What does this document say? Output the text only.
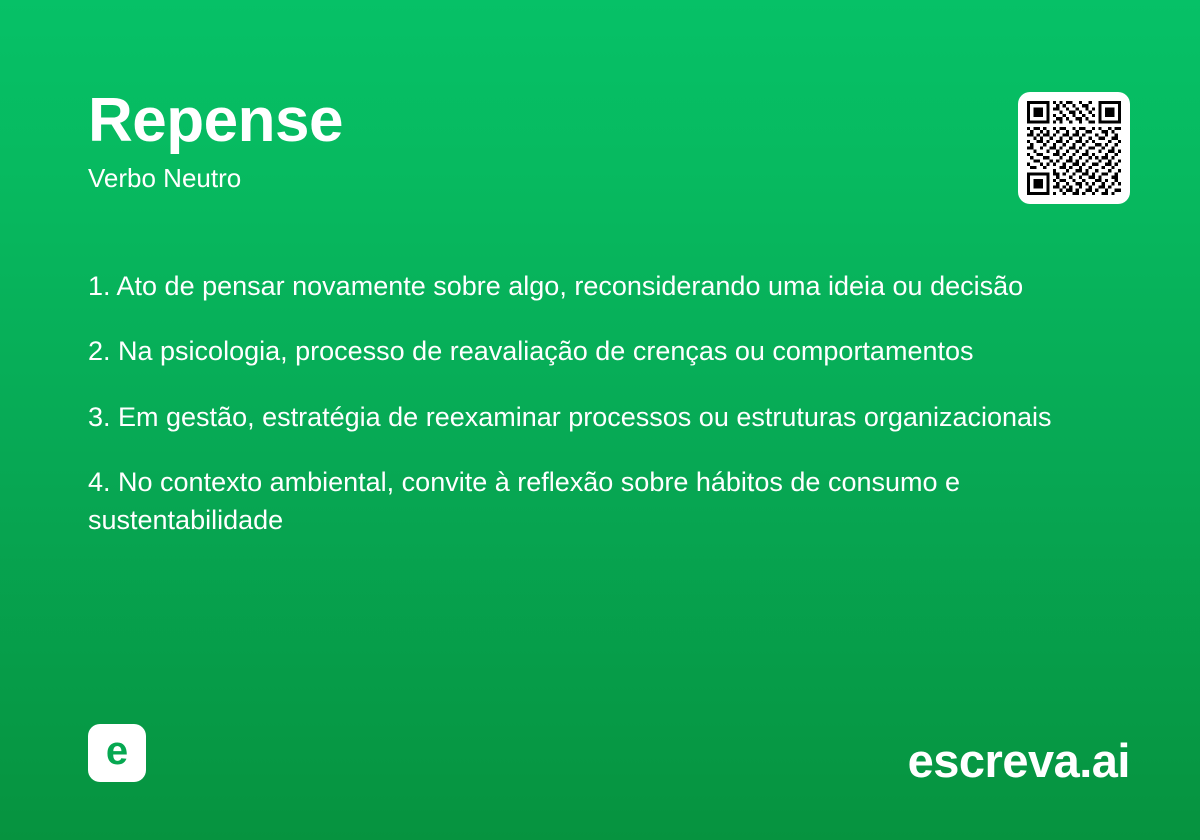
Repense
Verbo Neutro

1. Ato de pensar novamente sobre algo, reconsiderando uma ideia ou decisão

2. Na psicologia, processo de reavaliação de crenças ou comportamentos

3. Em gestão, estratégia de reexaminar processos ou estruturas organizacionais

4. No contexto ambiental, convite à reflexão sobre hábitos de consumo e sustentabilidade

e	escreva.ai
